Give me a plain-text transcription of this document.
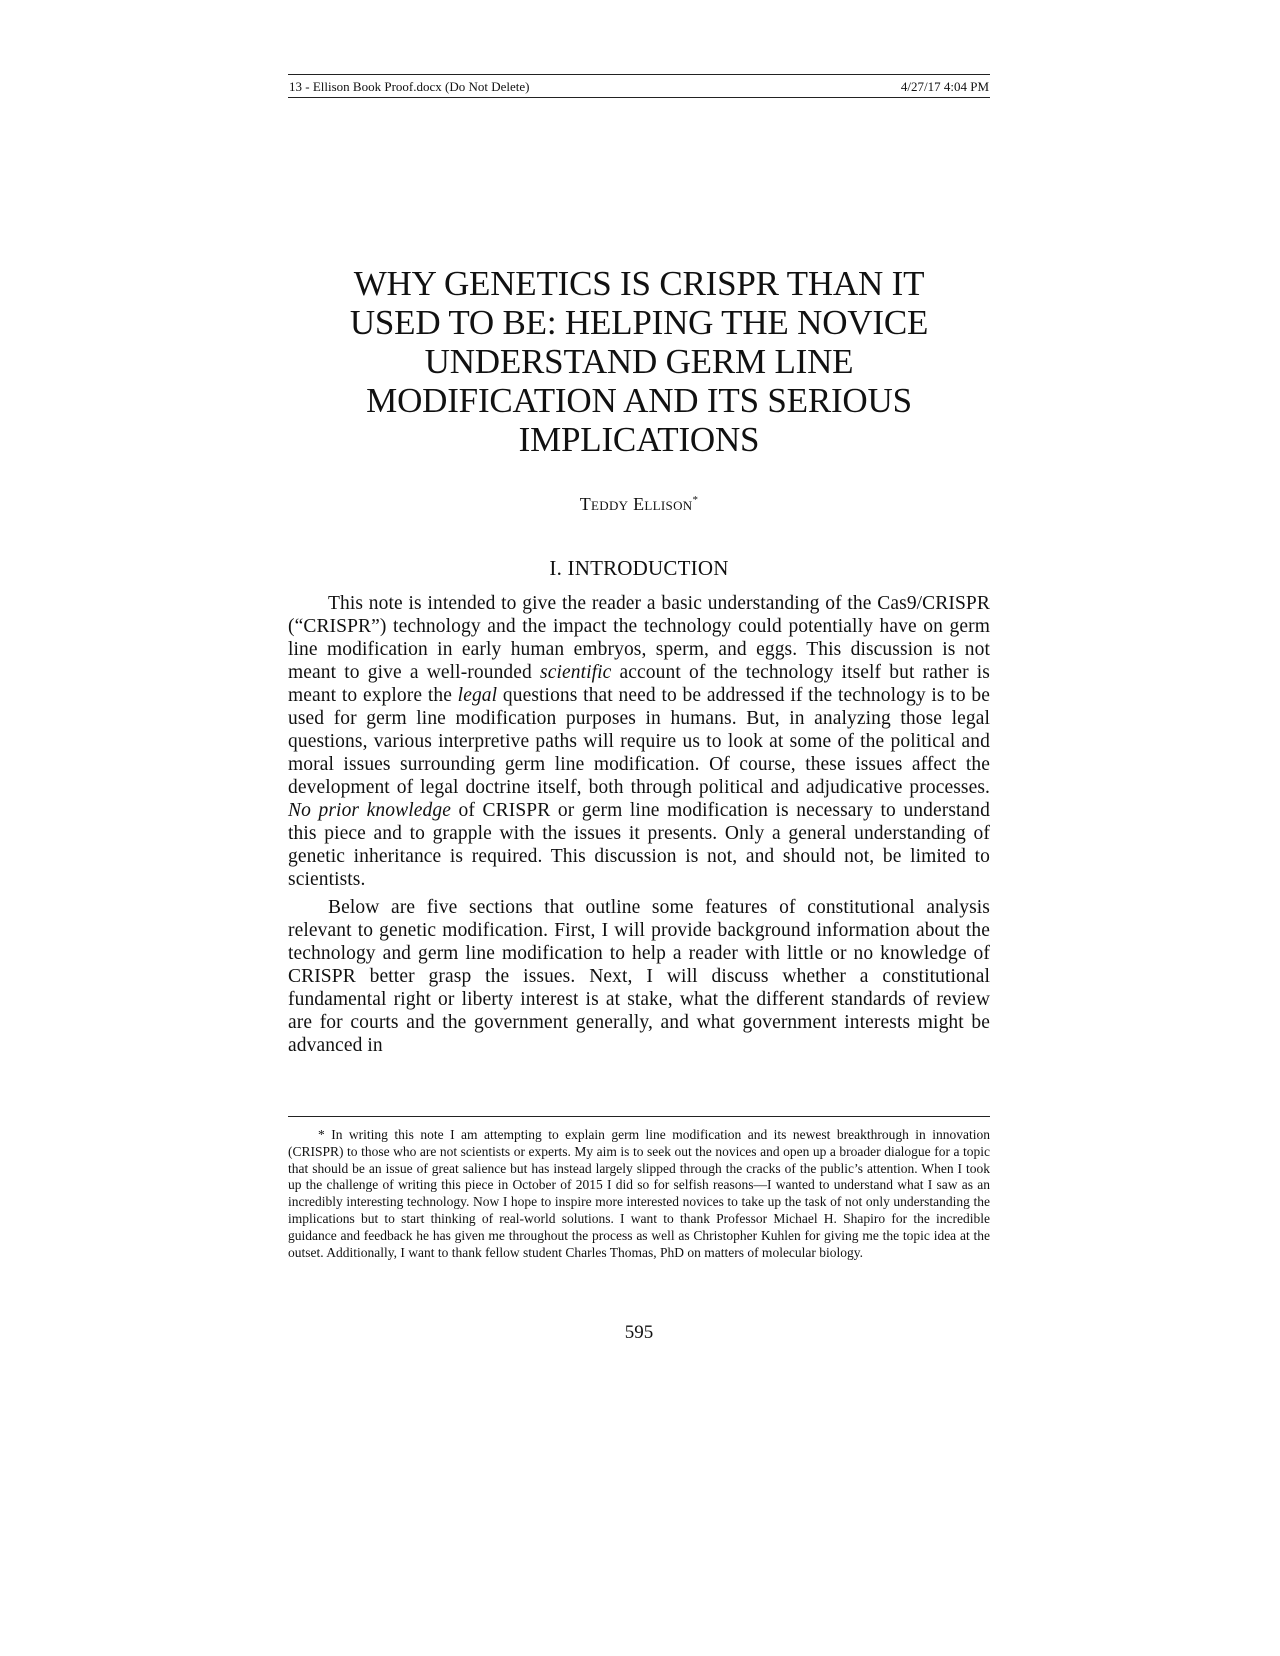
13 - Ellison Book Proof.docx (Do Not Delete)	4/27/17 4:04 PM
WHY GENETICS IS CRISPR THAN IT
USED TO BE: HELPING THE NOVICE
UNDERSTAND GERM LINE
MODIFICATION AND ITS SERIOUS
IMPLICATIONS
Teddy Ellison*
I. INTRODUCTION

This note is intended to give the reader a basic understanding of the Cas9/CRISPR (“CRISPR”) technology and the impact the technology could potentially have on germ line modification in early human embryos, sperm, and eggs. This discussion is not meant to give a well-rounded scientific account of the technology itself but rather is meant to explore the legal questions that need to be addressed if the technology is to be used for germ line modification purposes in humans. But, in analyzing those legal questions, various interpretive paths will require us to look at some of the political and moral issues surrounding germ line modification. Of course, these issues affect the development of legal doctrine itself, both through political and adjudicative processes. No prior knowledge of CRISPR or germ line modification is necessary to understand this piece and to grapple with the issues it presents. Only a general understanding of genetic inheritance is required. This discussion is not, and should not, be limited to scientists.

Below are five sections that outline some features of constitutional analysis relevant to genetic modification. First, I will provide background information about the technology and germ line modification to help a reader with little or no knowledge of CRISPR better grasp the issues. Next, I will discuss whether a constitutional fundamental right or liberty interest is at stake, what the different standards of review are for courts and the government generally, and what government interests might be advanced in

* In writing this note I am attempting to explain germ line modification and its newest breakthrough in innovation (CRISPR) to those who are not scientists or experts. My aim is to seek out the novices and open up a broader dialogue for a topic that should be an issue of great salience but has instead largely slipped through the cracks of the public’s attention. When I took up the challenge of writing this piece in October of 2015 I did so for selfish reasons—I wanted to understand what I saw as an incredibly interesting technology. Now I hope to inspire more interested novices to take up the task of not only understanding the implications but to start thinking of real-world solutions. I want to thank Professor Michael H. Shapiro for the incredible guidance and feedback he has given me throughout the process as well as Christopher Kuhlen for giving me the topic idea at the outset. Additionally, I want to thank fellow student Charles Thomas, PhD on matters of molecular biology.

595
